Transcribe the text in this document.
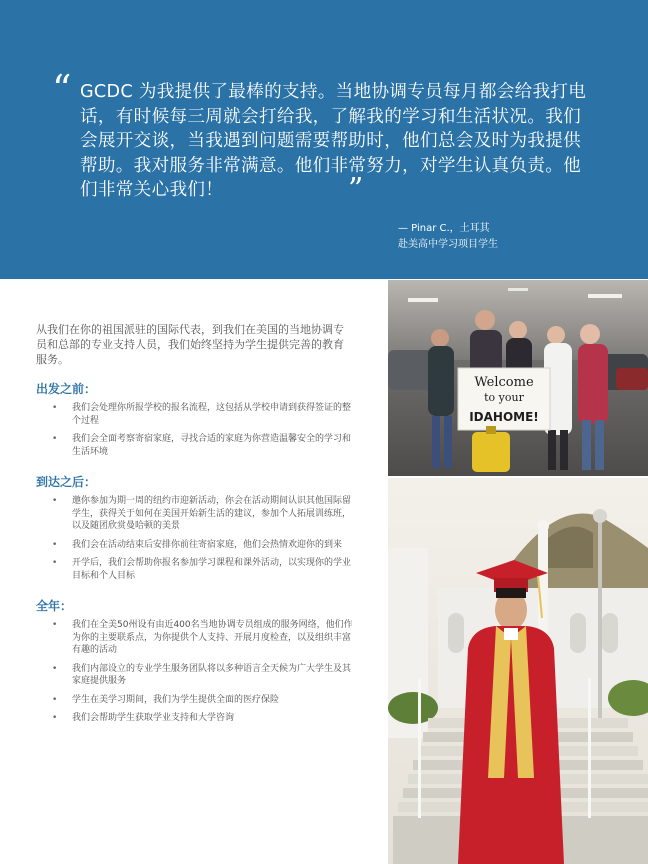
“ GCDC 为我提供了最棒的支持。当地协调专员每月都会给我打电话，有时候每三周就会打给我，了解我的学习和生活状况。我们会展开交谈，当我遇到问题需要帮助时，他们总会及时为我提供帮助。我对服务非常满意。他们非常努力，对学生认真负责。他们非常关心我们！	”
— Pinar C.，土耳其
赴美高中学习项目学生

从我们在你的祖国派驻的国际代表，到我们在美国的当地协调专员和总部的专业支持人员，我们始终坚持为学生提供完善的教育服务。

出发之前：
• 我们会处理你所报学校的报名流程，这包括从学校申请到获得签证的整个过程
• 我们会全面考察寄宿家庭，寻找合适的家庭为你营造温馨安全的学习和生活环境
到达之后：
• 邀你参加为期一周的纽约市迎新活动，你会在活动期间认识其他国际留学生，获得关于如何在美国开始新生活的建议，参加个人拓展训练班，以及随团欣赏曼哈顿的美景
• 我们会在活动结束后安排你前往寄宿家庭，他们会热情欢迎你的到来
• 开学后，我们会帮助你报名参加学习课程和课外活动，以实现你的学业目标和个人目标
全年：
• 我们在全美50州设有由近400名当地协调专员组成的服务网络，他们作为你的主要联系点，为你提供个人支持、开展月度检查，以及组织丰富有趣的活动
• 我们内部设立的专业学生服务团队将以多种语言全天候为广大学生及其家庭提供服务
• 学生在美学习期间，我们为学生提供全面的医疗保险
• 我们会帮助学生获取学业支持和大学咨询
Welcome
to your
IDAHOME!
